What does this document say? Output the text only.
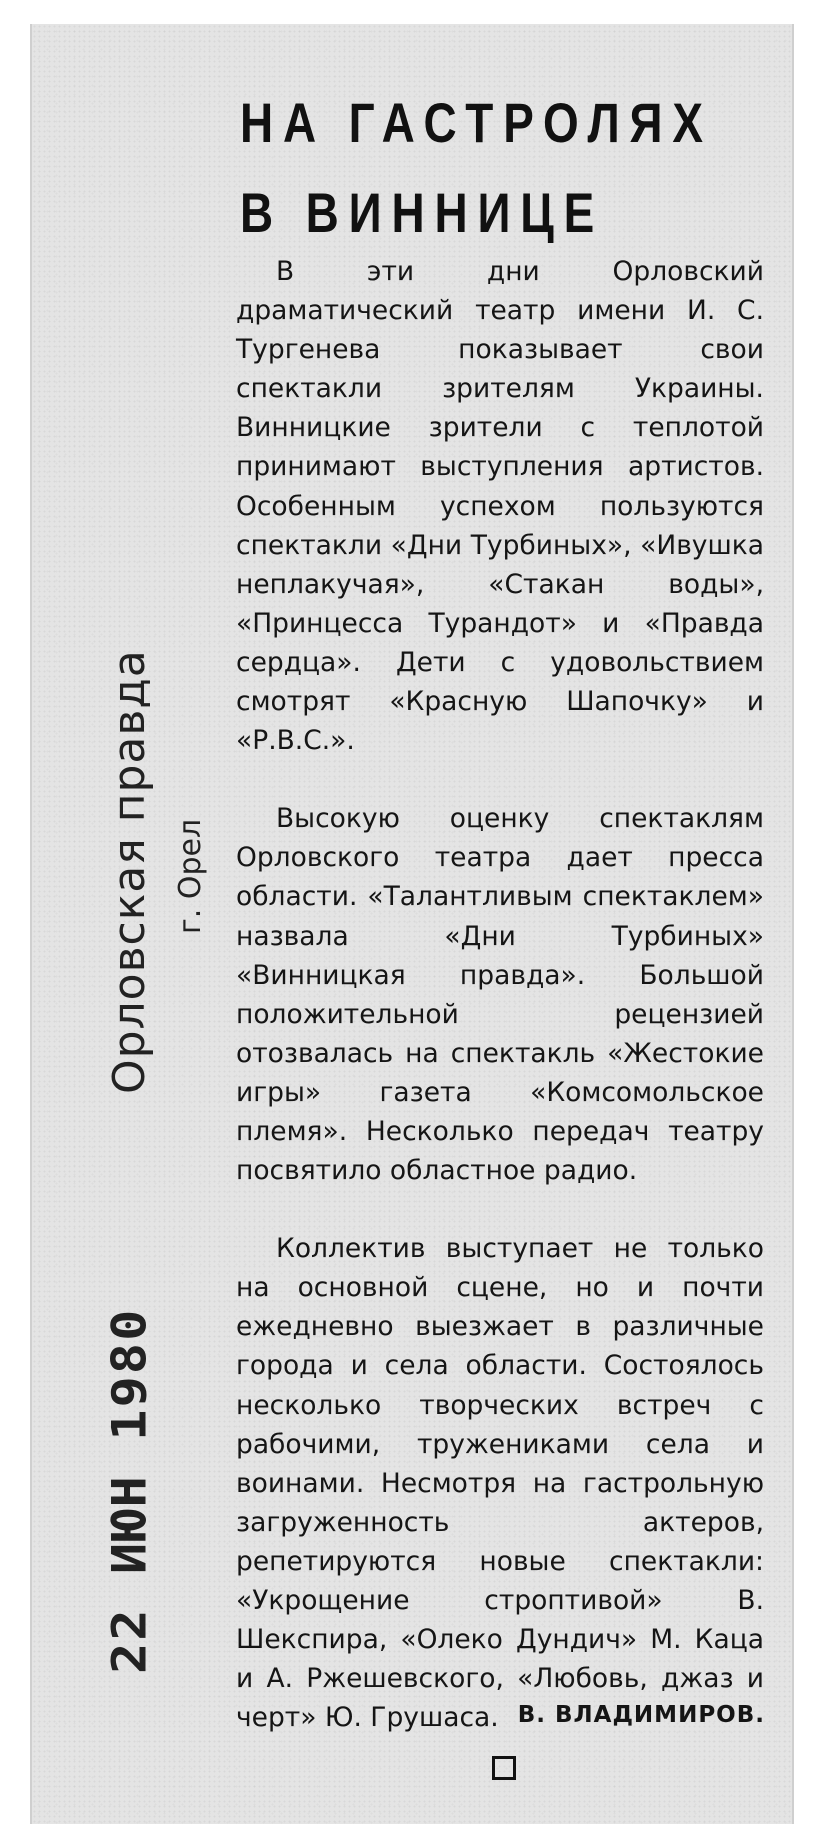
22 ИЮН 1980
Орловская правда г. Орел
НА ГАСТРОЛЯХ
В ВИННИЦЕ

В эти дни Орловский драматический театр имени И. С. Тургенева показывает свои спектакли зрителям Украины. Винницкие зрители с теплотой принимают выступления артистов. Особенным успехом пользуются спектакли «Дни Турбиных», «Ивушка неплакучая», «Стакан воды», «Принцесса Турандот» и «Правда сердца». Дети с удовольствием смотрят «Красную Шапочку» и «Р.В.С.».

Высокую оценку спектаклям Орловского театра дает пресса области. «Талантливым спектаклем» назвала «Дни Турбиных» «Винницкая правда». Большой положительной рецензией отозвалась на спектакль «Жестокие игры» газета «Комсомольское племя». Несколько передач театру посвятило областное радио.

Коллектив выступает не только на основной сцене, но и почти ежедневно выезжает в различные города и села области. Состоялось несколько творческих встреч с рабочими, тружениками села и воинами. Несмотря на гастрольную загруженность актеров, репетируются новые спектакли: «Укрощение строптивой» В. Шекспира, «Олеко Дундич» М. Каца и А. Ржешевского, «Любовь, джаз и черт» Ю. Грушаса. В. ВЛАДИМИРОВ.
